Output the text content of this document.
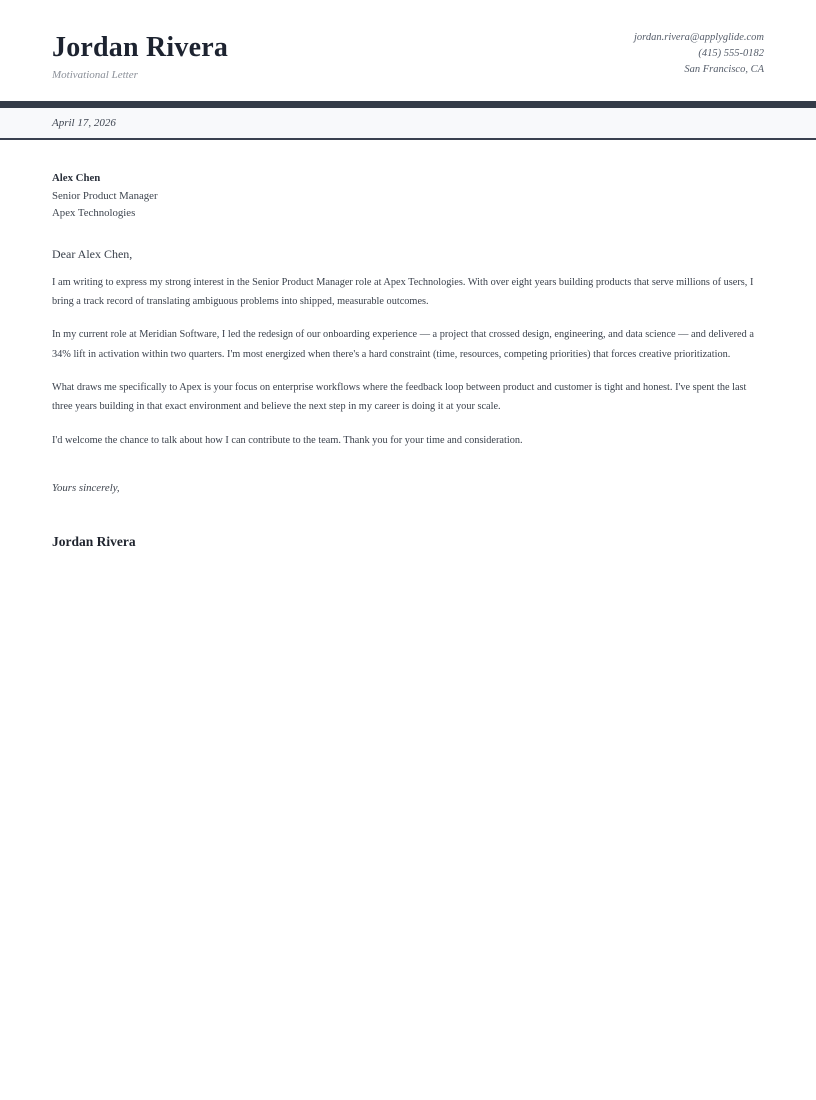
Jordan Rivera
Motivational Letter
jordan.rivera@applyglide.com
(415) 555-0182
San Francisco, CA
April 17, 2026
Alex Chen
Senior Product Manager
Apex Technologies
Dear Alex Chen,

I am writing to express my strong interest in the Senior Product Manager role at Apex Technologies. With over eight years building products that serve millions of users, I bring a track record of translating ambiguous problems into shipped, measurable outcomes.

In my current role at Meridian Software, I led the redesign of our onboarding experience — a project that crossed design, engineering, and data science — and delivered a 34% lift in activation within two quarters. I'm most energized when there's a hard constraint (time, resources, competing priorities) that forces creative prioritization.

What draws me specifically to Apex is your focus on enterprise workflows where the feedback loop between product and customer is tight and honest. I've spent the last three years building in that exact environment and believe the next step in my career is doing it at your scale.

I'd welcome the chance to talk about how I can contribute to the team. Thank you for your time and consideration.

Yours sincerely,
Jordan Rivera
